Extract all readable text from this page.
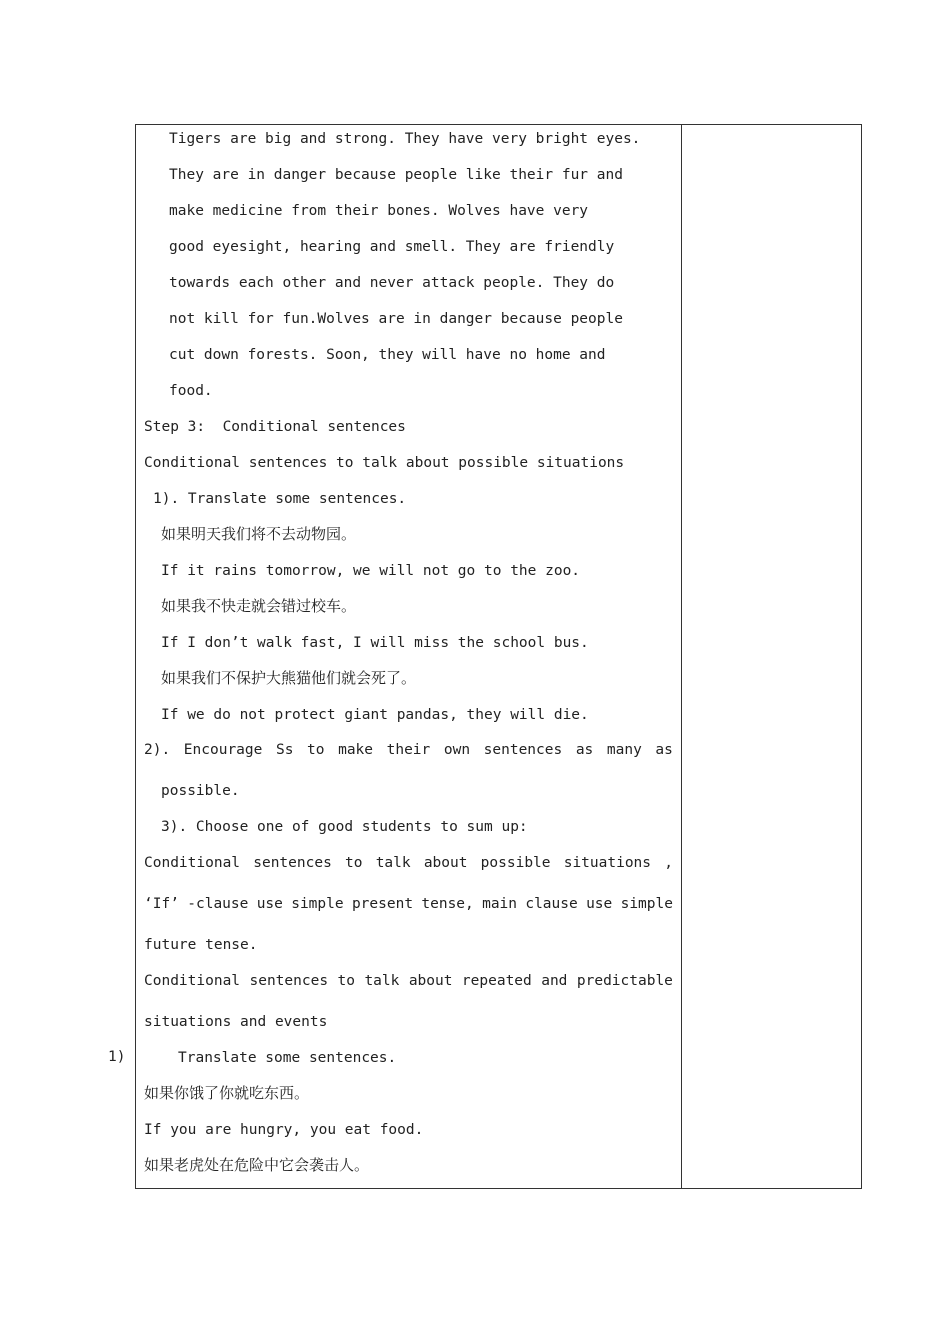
Tigers are big and strong. They have very bright eyes.
They are in danger because people like their fur and
make medicine from their bones. Wolves have very
good eyesight, hearing and smell. They are friendly
towards each other and never attack people. They do
not kill for fun.Wolves are in danger because people
cut down forests. Soon, they will have no home and
food.
Step 3:  Conditional sentences
Conditional sentences to talk about possible situations
1). Translate some sentences.
如果明天我们将不去动物园。
If it rains tomorrow, we will not go to the zoo.
如果我不快走就会错过校车。
If I don’t walk fast, I will miss the school bus.
如果我们不保护大熊猫他们就会死了。
If we do not protect giant pandas, they will die.
2). Encourage Ss to make their own sentences as many as
possible.
3). Choose one of good students to sum up:
Conditional sentences to talk about possible situations ,
‘If’ -clause use simple present tense, main clause use simple
future tense.
Conditional sentences to talk about repeated and predictable
situations and events
Translate some sentences.
如果你饿了你就吃东西。
If you are hungry, you eat food.
如果老虎处在危险中它会袭击人。
1)
